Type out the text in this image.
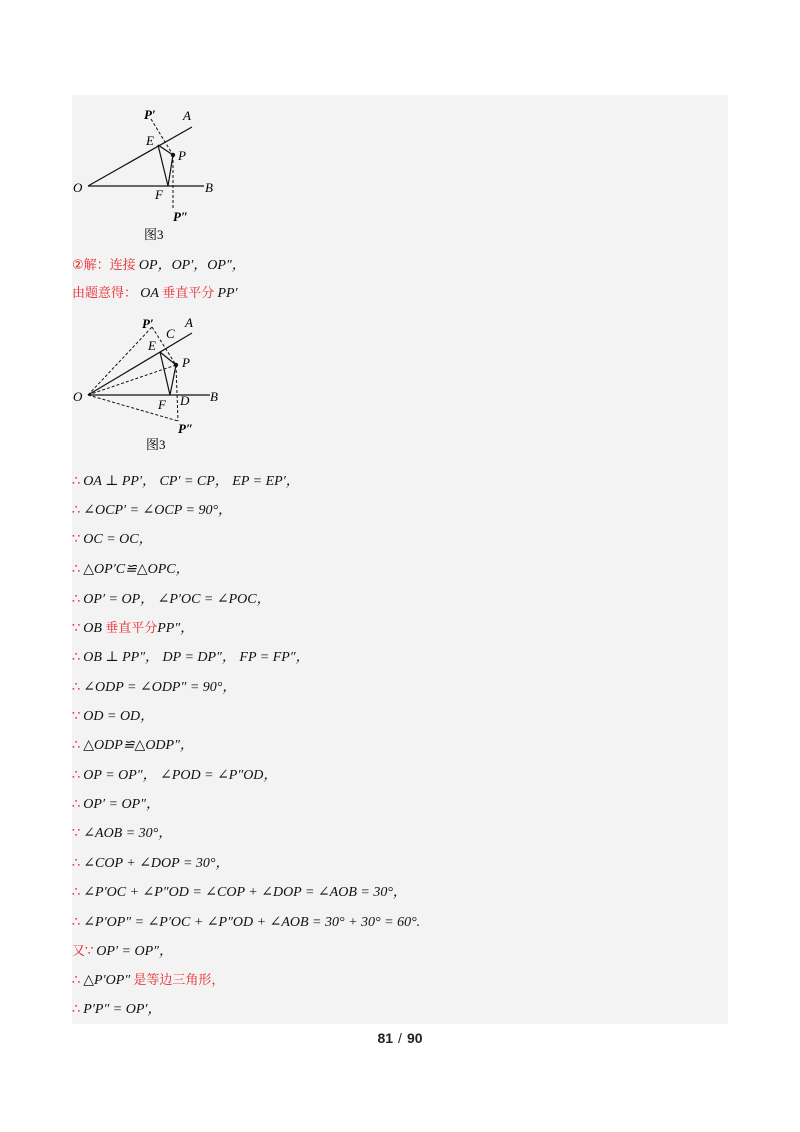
P′ A
E
P
O	F	B
P″
图3
②解：连接 OP，OP′，OP″，
由题意得： OA 垂直平分 PP′
P′ A
C
E
P
O
F D B
P″
图3
∴ OA ⊥ PP′， CP′ = CP， EP = EP′，
∴ ∠OCP′ = ∠OCP = 90°，
∵ OC = OC，
∴ △OP′C≌△OPC，
∴ OP′ = OP， ∠P′OC = ∠POC，
∵ OB 垂直平分PP″，
∴ OB ⊥ PP″， DP = DP″， FP = FP″，
∴ ∠ODP = ∠ODP″ = 90°，
∵ OD = OD，
∴ △ODP≌△ODP″，
∴ OP = OP″， ∠POD = ∠P″OD，
∴ OP′ = OP″，
∵ ∠AOB = 30°，
∴ ∠COP + ∠DOP = 30°，
∴ ∠P′OC + ∠P″OD = ∠COP + ∠DOP = ∠AOB = 30°，
∴ ∠P′OP″ = ∠P′OC + ∠P″OD + ∠AOB = 30° + 30° = 60°.
又∵ OP′ = OP″，
∴ △P′OP″ 是等边三角形，
∴ P′P″ = OP′，
81 / 90
